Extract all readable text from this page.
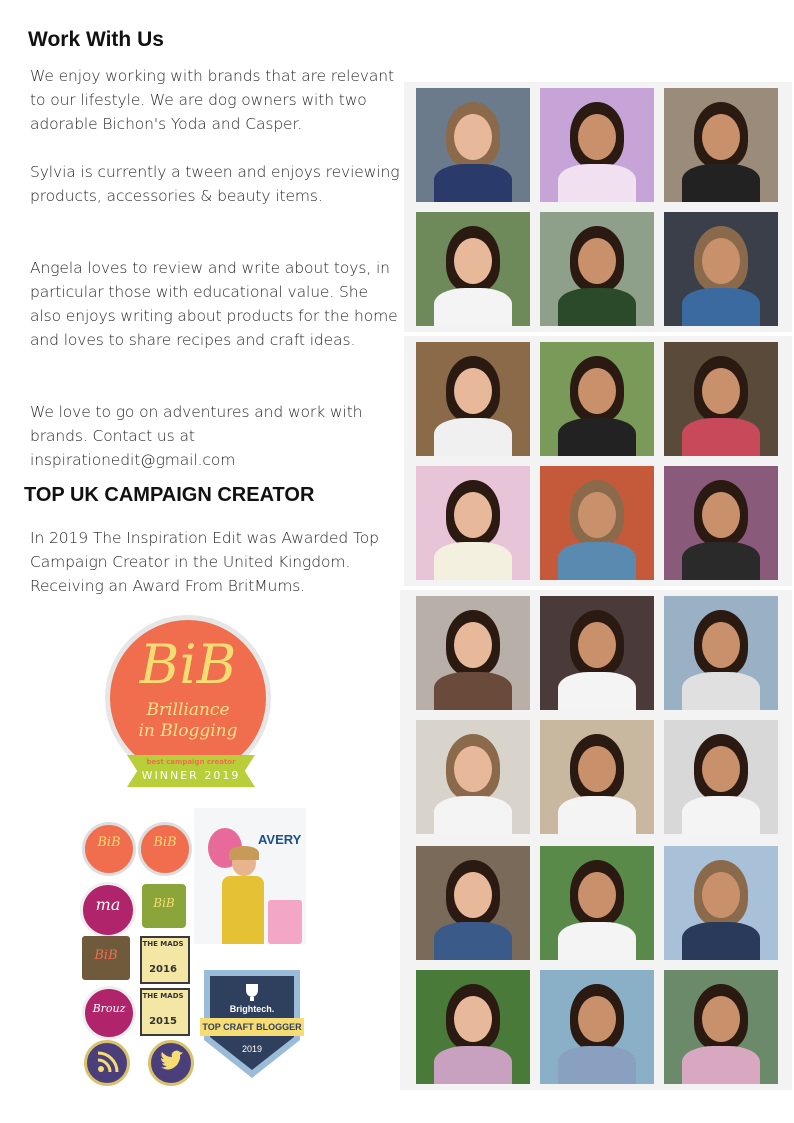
Work With Us

We enjoy working with brands that are relevant to our lifestyle. We are dog owners with two adorable Bichon's Yoda and Casper.

Sylvia is currently a tween and enjoys reviewing products, accessories & beauty items.

Angela loves to review and write about toys, in particular those with educational value. She also enjoys writing about products for the home and loves to share recipes and craft ideas.

We love to go on adventures and work with brands. Contact us at inspirationedit@gmail.com

TOP UK CAMPAIGN CREATOR

In 2019 The Inspiration Edit was Awarded Top Campaign Creator in the United Kingdom. Receiving an Award From BritMums.

BiB
Brilliance
in Blogging
best campaign creator
WINNER 2019
BiB	BiB
ma	BiB
BiB
THE MADS
2016
Brouz
THE MADS
2015
AVERY
Brightech.
TOP CRAFT BLOGGER
2019
